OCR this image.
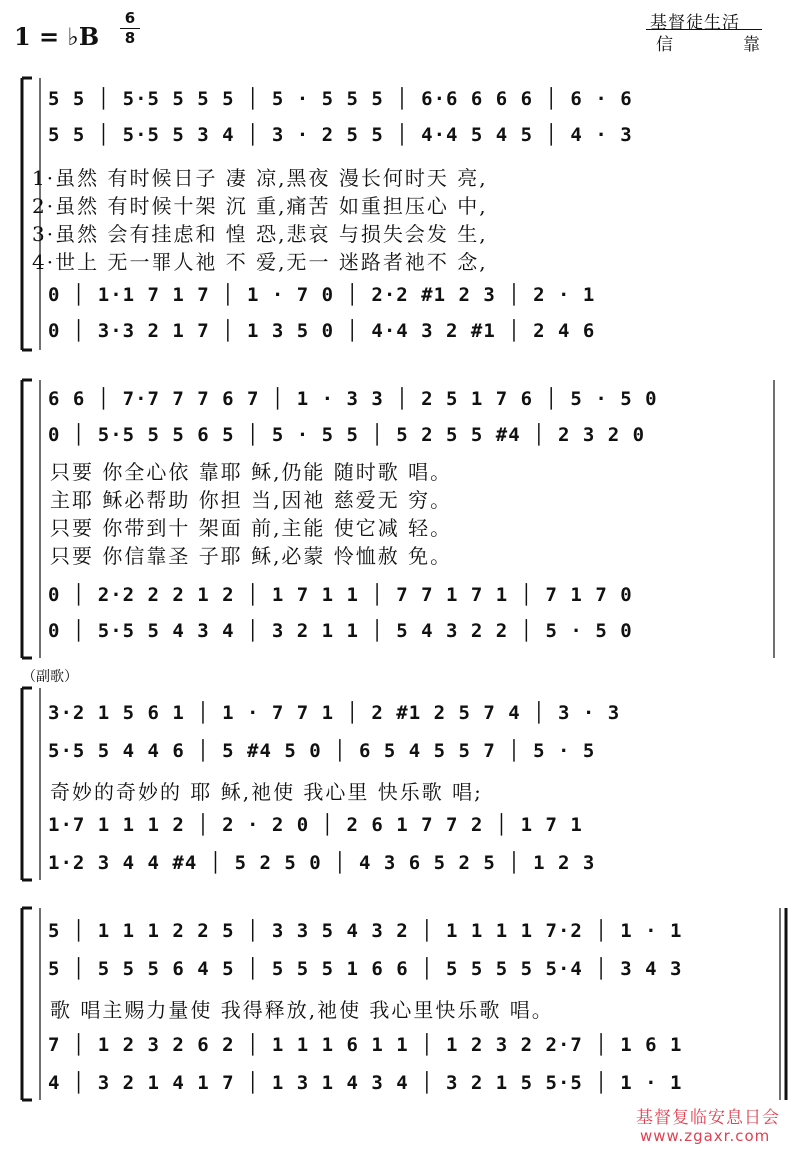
1 = ♭B
6
8
基督徒生活
信	靠
5 5 │ 5·5 5 5 5 │ 5 · 5 5 5 │ 6·6 6 6 6 │ 6 · 6
5 5 │ 5·5 5 3 4 │ 3 · 2 5 5 │ 4·4 5 4 5 │ 4 · 3
1·虽然 有时候日子 凄 凉,黑夜 漫长何时天 亮,
2·虽然 有时候十架 沉 重,痛苦 如重担压心 中,
3·虽然 会有挂虑和 惶 恐,悲哀 与损失会发 生,
4·世上 无一罪人祂 不 爱,无一 迷路者祂不 念,
0 │ 1·1 7 1 7 │ 1 · 7 0 │ 2·2 #1 2 3 │ 2 · 1
0 │ 3·3 2 1 7 │ 1 3 5 0 │ 4·4 3 2 #1 │ 2 4 6
6 6 │ 7·7 7 7 6 7 │ 1 · 3 3 │ 2 5 1 7 6 │ 5 · 5 0
0 │ 5·5 5 5 6 5 │ 5 · 5 5 │ 5 2 5 5 #4 │ 2 3 2 0
只要 你全心依 靠耶 稣,仍能 随时歌 唱。
主耶 稣必帮助 你担 当,因祂 慈爱无 穷。
只要 你带到十 架面 前,主能 使它减 轻。
只要 你信靠圣 子耶 稣,必蒙 怜恤赦 免。
0 │ 2·2 2 2 1 2 │ 1 7 1 1 │ 7 7 1 7 1 │ 7 1 7 0
0 │ 5·5 5 4 3 4 │ 3 2 1 1 │ 5 4 3 2 2 │ 5 · 5 0
（副歌）
3·2 1 5 6 1 │ 1 · 7 7 1 │ 2 #1 2 5 7 4 │ 3 · 3
5·5 5 4 4 6 │ 5 #4 5 0 │ 6 5 4 5 5 7 │ 5 · 5
奇妙的奇妙的 耶 稣,祂使 我心里 快乐歌 唱;
1·7 1 1 1 2 │ 2 · 2 0 │ 2 6 1 7 7 2 │ 1 7 1
1·2 3 4 4 #4 │ 5 2 5 0 │ 4 3 6 5 2 5 │ 1 2 3
5 │ 1 1 1 2 2 5 │ 3 3 5 4 3 2 │ 1 1 1 1 7·2 │ 1 · 1
5 │ 5 5 5 6 4 5 │ 5 5 5 1 6 6 │ 5 5 5 5 5·4 │ 3 4 3
歌 唱主赐力量使 我得释放,祂使 我心里快乐歌 唱。
7 │ 1 2 3 2 6 2 │ 1 1 1 6 1 1 │ 1 2 3 2 2·7 │ 1 6 1
4 │ 3 2 1 4 1 7 │ 1 3 1 4 3 4 │ 3 2 1 5 5·5 │ 1 · 1
基督复临安息日会
www.zgaxr.com
